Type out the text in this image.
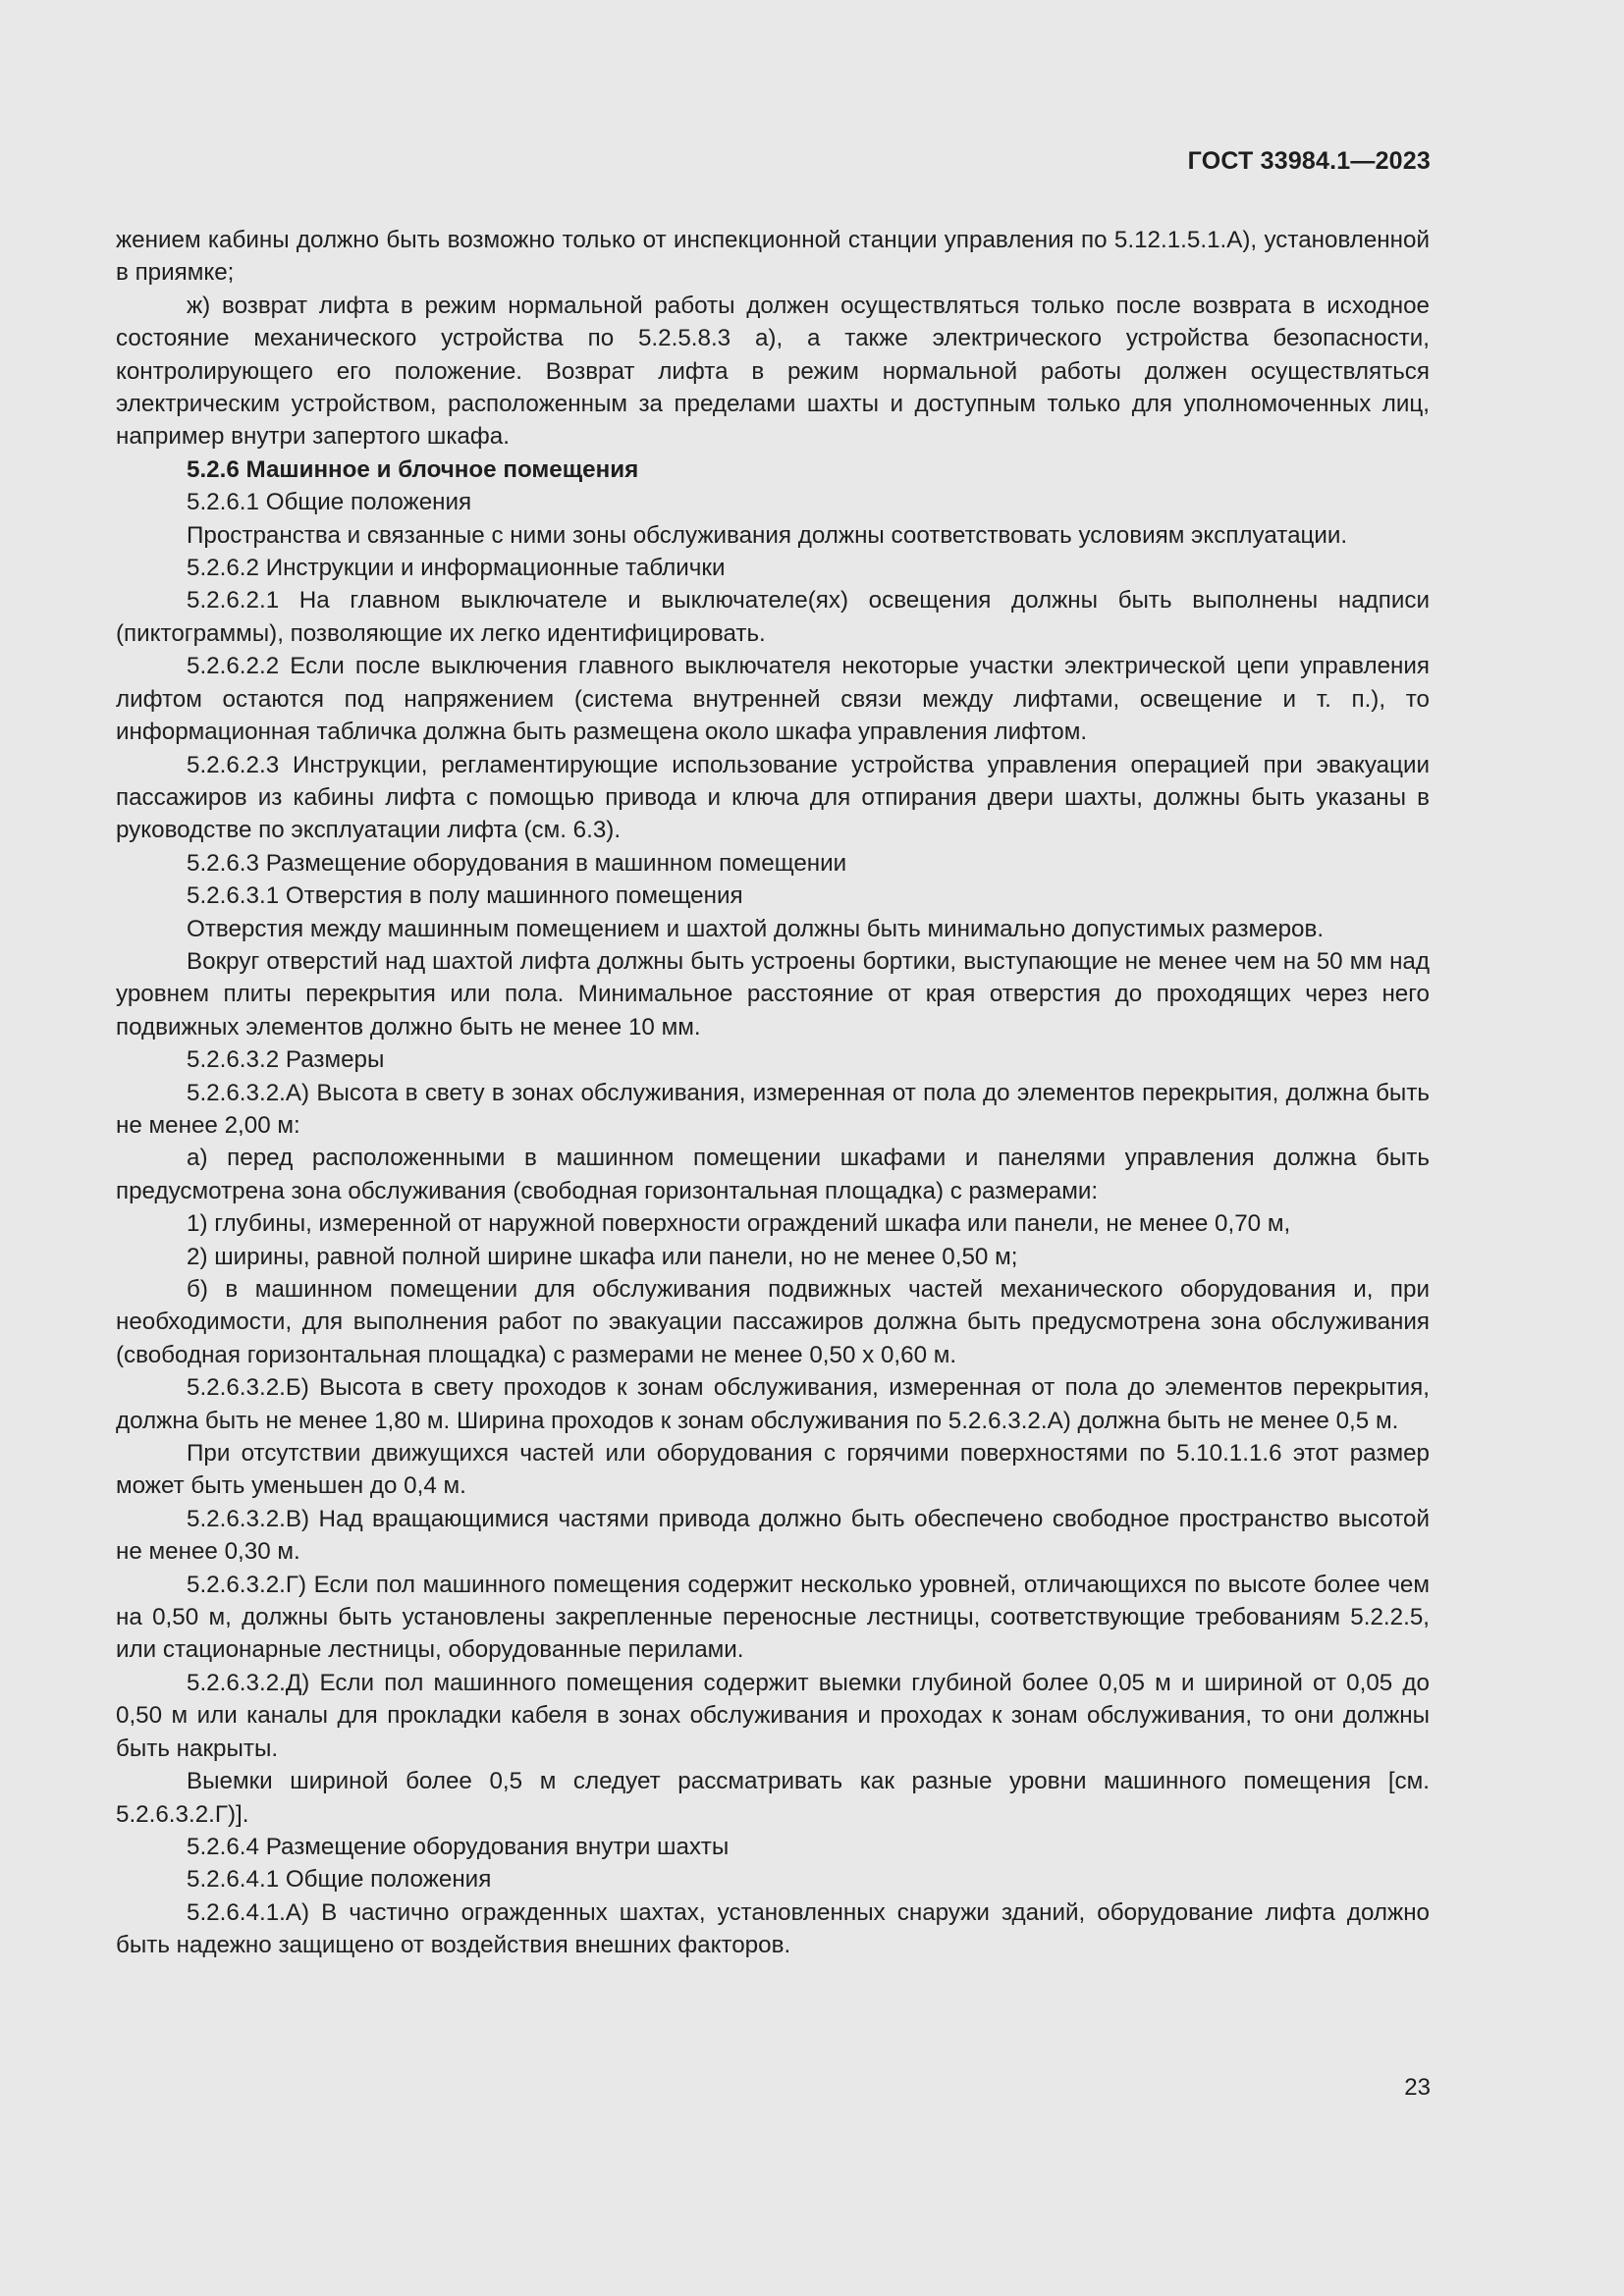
ГОСТ 33984.1—2023

жением кабины должно быть возможно только от инспекционной станции управления по 5.12.1.5.1.А), установленной в приямке;

ж) возврат лифта в режим нормальной работы должен осуществляться только после возврата в исходное состояние механического устройства по 5.2.5.8.3 а), а также электрического устройства безопасности, контролирующего его положение. Возврат лифта в режим нормальной работы должен осуществляться электрическим устройством, расположенным за пределами шахты и доступным только для уполномоченных лиц, например внутри запертого шкафа.

5.2.6 Машинное и блочное помещения

5.2.6.1 Общие положения

Пространства и связанные с ними зоны обслуживания должны соответствовать условиям эксплуатации.

5.2.6.2 Инструкции и информационные таблички

5.2.6.2.1 На главном выключателе и выключателе(ях) освещения должны быть выполнены надписи (пиктограммы), позволяющие их легко идентифицировать.

5.2.6.2.2 Если после выключения главного выключателя некоторые участки электрической цепи управления лифтом остаются под напряжением (система внутренней связи между лифтами, освещение и т. п.), то информационная табличка должна быть размещена около шкафа управления лифтом.

5.2.6.2.3 Инструкции, регламентирующие использование устройства управления операцией при эвакуации пассажиров из кабины лифта с помощью привода и ключа для отпирания двери шахты, должны быть указаны в руководстве по эксплуатации лифта (см. 6.3).

5.2.6.3 Размещение оборудования в машинном помещении

5.2.6.3.1 Отверстия в полу машинного помещения

Отверстия между машинным помещением и шахтой должны быть минимально допустимых размеров.

Вокруг отверстий над шахтой лифта должны быть устроены бортики, выступающие не менее чем на 50 мм над уровнем плиты перекрытия или пола. Минимальное расстояние от края отверстия до проходящих через него подвижных элементов должно быть не менее 10 мм.

5.2.6.3.2 Размеры

5.2.6.3.2.А) Высота в свету в зонах обслуживания, измеренная от пола до элементов перекрытия, должна быть не менее 2,00 м:

а) перед расположенными в машинном помещении шкафами и панелями управления должна быть предусмотрена зона обслуживания (свободная горизонтальная площадка) с размерами:

1) глубины, измеренной от наружной поверхности ограждений шкафа или панели, не менее 0,70 м,

2) ширины, равной полной ширине шкафа или панели, но не менее 0,50 м;

б) в машинном помещении для обслуживания подвижных частей механического оборудования и, при необходимости, для выполнения работ по эвакуации пассажиров должна быть предусмотрена зона обслуживания (свободная горизонтальная площадка) с размерами не менее 0,50 х 0,60 м.

5.2.6.3.2.Б) Высота в свету проходов к зонам обслуживания, измеренная от пола до элементов перекрытия, должна быть не менее 1,80 м. Ширина проходов к зонам обслуживания по 5.2.6.3.2.А) должна быть не менее 0,5 м.

При отсутствии движущихся частей или оборудования с горячими поверхностями по 5.10.1.1.6 этот размер может быть уменьшен до 0,4 м.

5.2.6.3.2.В) Над вращающимися частями привода должно быть обеспечено свободное пространство высотой не менее 0,30 м.

5.2.6.3.2.Г) Если пол машинного помещения содержит несколько уровней, отличающихся по высоте более чем на 0,50 м, должны быть установлены закрепленные переносные лестницы, соответствующие требованиям 5.2.2.5, или стационарные лестницы, оборудованные перилами.

5.2.6.3.2.Д) Если пол машинного помещения содержит выемки глубиной более 0,05 м и шириной от 0,05 до 0,50 м или каналы для прокладки кабеля в зонах обслуживания и проходах к зонам обслуживания, то они должны быть накрыты.

Выемки шириной более 0,5 м следует рассматривать как разные уровни машинного помещения [см. 5.2.6.3.2.Г)].

5.2.6.4 Размещение оборудования внутри шахты

5.2.6.4.1 Общие положения

5.2.6.4.1.А) В частично огражденных шахтах, установленных снаружи зданий, оборудование лифта должно быть надежно защищено от воздействия внешних факторов.

23
